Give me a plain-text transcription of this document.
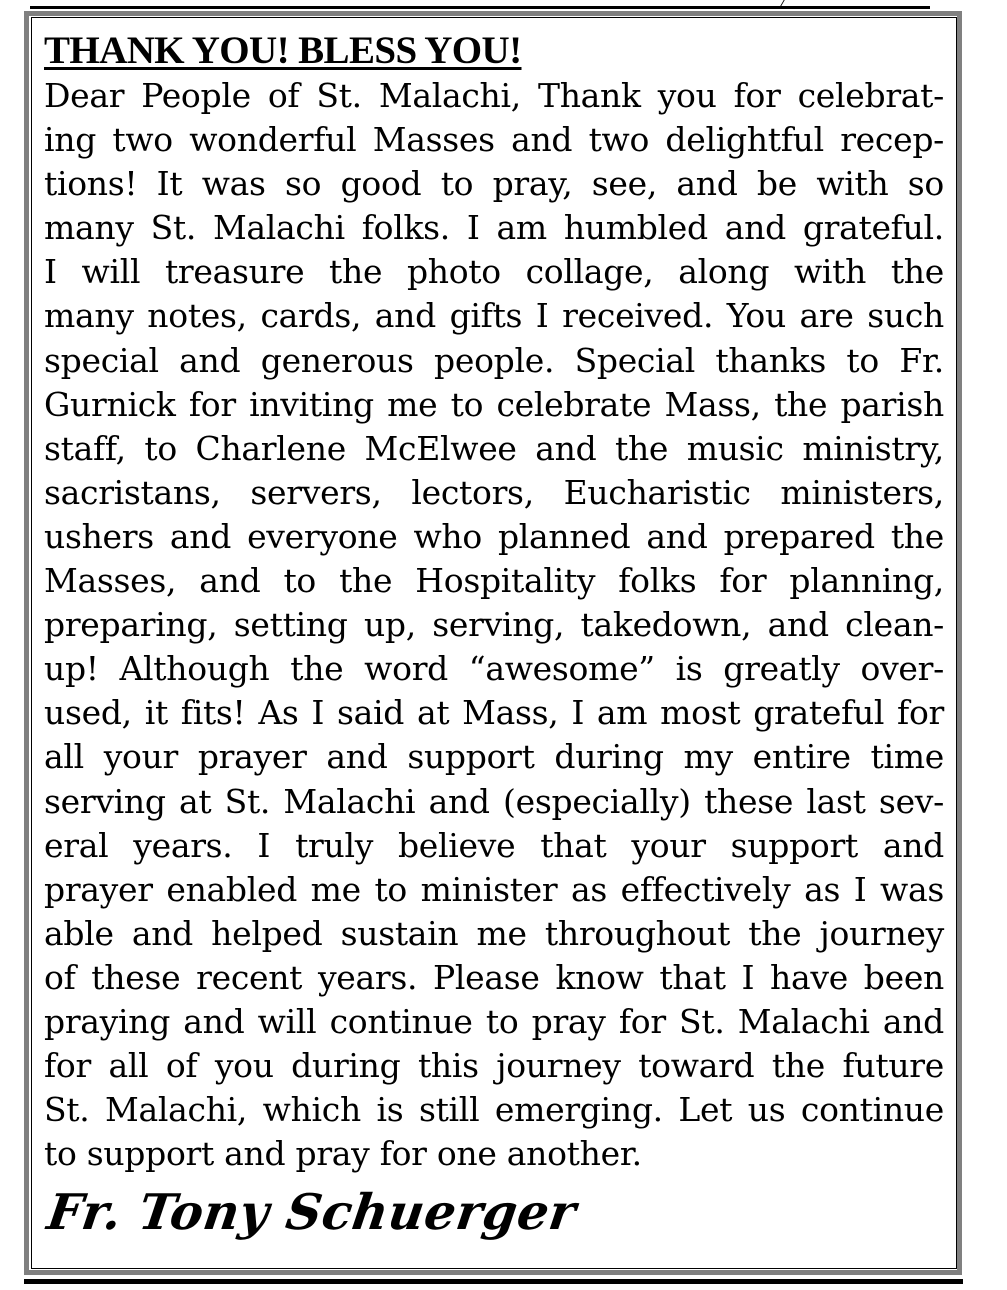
THANK YOU! BLESS YOU!
Dear People of St. Malachi, Thank you for celebrat-
ing two wonderful Masses and two delightful recep-
tions! It was so good to pray, see, and be with so
many St. Malachi folks. I am humbled and grateful.
I will treasure the photo collage, along with the
many notes, cards, and gifts I received. You are such
special and generous people. Special thanks to Fr.
Gurnick for inviting me to celebrate Mass, the parish
staff, to Charlene McElwee and the music ministry,
sacristans, servers, lectors, Eucharistic ministers,
ushers and everyone who planned and prepared the
Masses, and to the Hospitality folks for planning,
preparing, setting up, serving, takedown, and clean-
up! Although the word “awesome” is greatly over-
used, it fits! As I said at Mass, I am most grateful for
all your prayer and support during my entire time
serving at St. Malachi and (especially) these last sev-
eral years. I truly believe that your support and
prayer enabled me to minister as effectively as I was
able and helped sustain me throughout the journey
of these recent years. Please know that I have been
praying and will continue to pray for St. Malachi and
for all of you during this journey toward the future
St. Malachi, which is still emerging. Let us continue
to support and pray for one another.
Fr. Tony Schuerger
